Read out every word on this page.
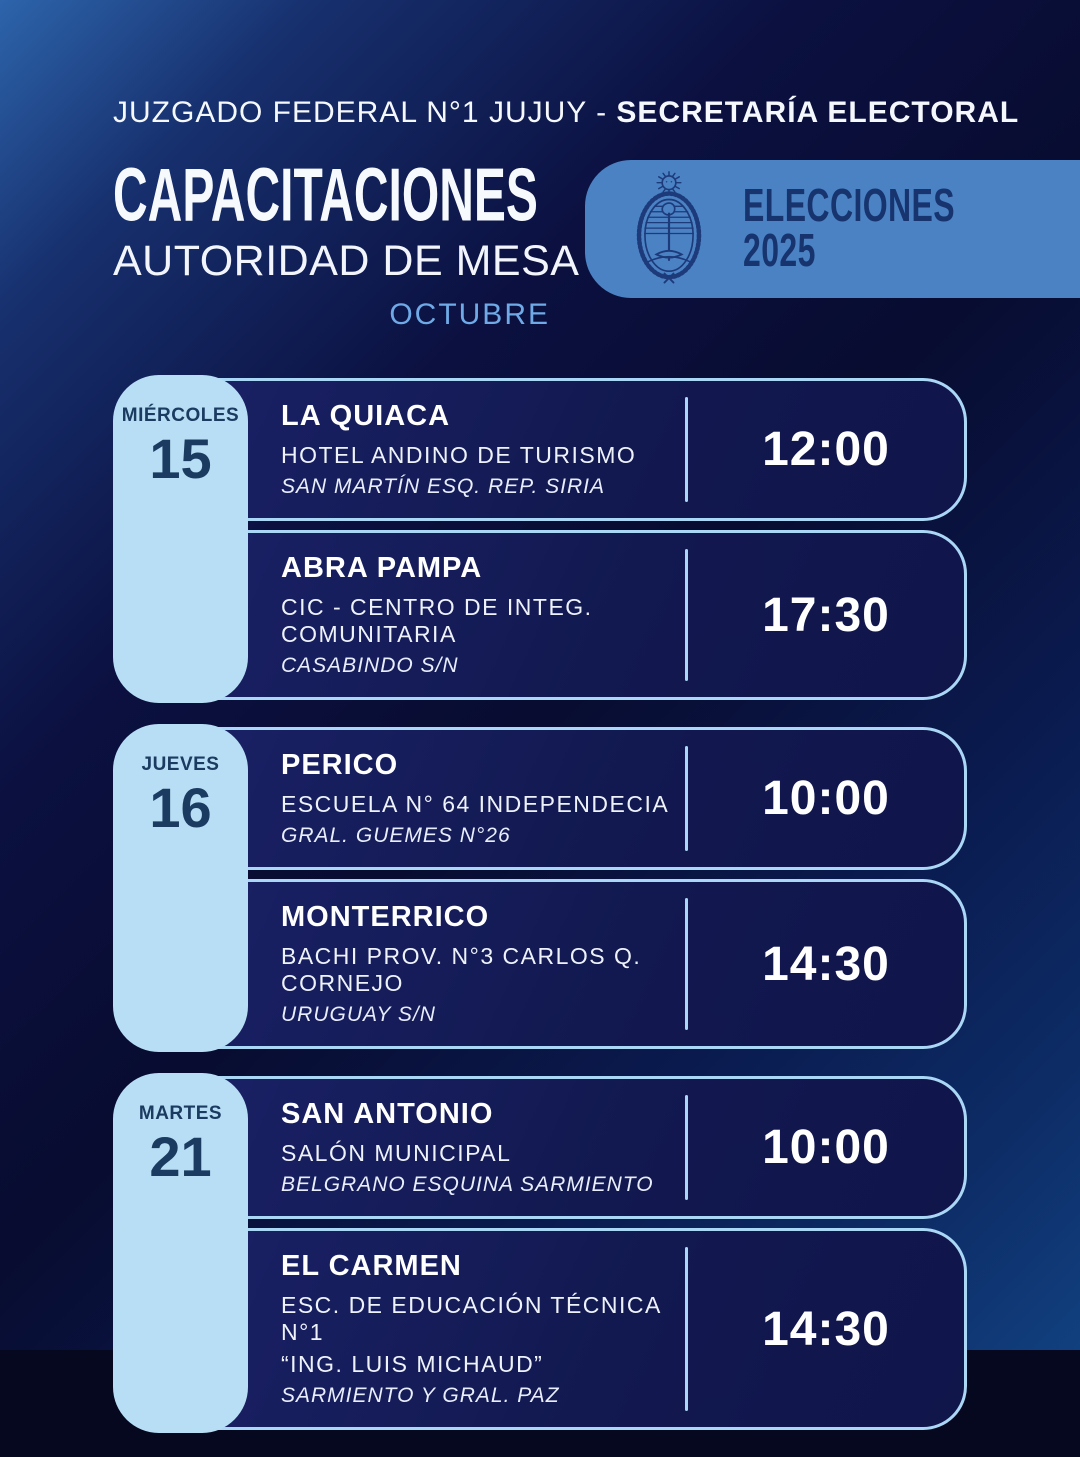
JUZGADO FEDERAL N°1 JUJUY - SECRETARÍA ELECTORAL
CAPACITACIONES
AUTORIDAD DE MESA
OCTUBRE
ELECCIONES
2025
MIÉRCOLES
15
LA QUIACA
HOTEL ANDINO DE TURISMO
SAN MARTÍN ESQ. REP. SIRIA
12:00
ABRA PAMPA
CIC - CENTRO DE INTEG. COMUNITARIA
CASABINDO S/N
17:30
JUEVES
16
PERICO
ESCUELA N° 64 INDEPENDECIA
GRAL. GUEMES N°26
10:00
MONTERRICO
BACHI PROV. N°3 CARLOS Q. CORNEJO
URUGUAY S/N
14:30
MARTES
21
SAN ANTONIO
SALÓN MUNICIPAL
BELGRANO ESQUINA SARMIENTO
10:00
EL CARMEN
ESC. DE EDUCACIÓN TÉCNICA N°1
“ING. LUIS MICHAUD”
SARMIENTO Y GRAL. PAZ
14:30
